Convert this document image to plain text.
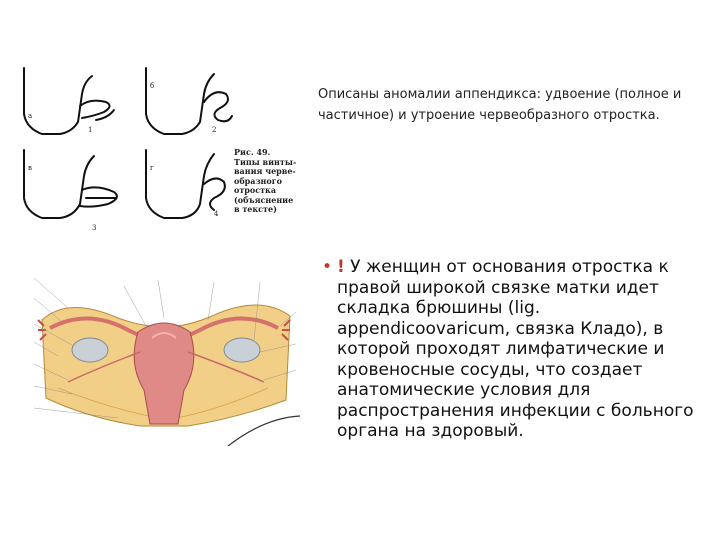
a
1
б
2
в
3
г
4
Рис. 49. Типы винтывания червеобразного отростка (объяснение в тексте)
Описаны аномалии аппендикса: удвоение (полное и частичное) и утроение червеобразного отростка.
• ! У женщин от основания отростка к правой широкой связке матки идет складка брюшины (lig. appendicoovaricum, связка Кладо), в которой проходят лимфатические и кровеносные сосуды, что создает анатомические условия для распространения инфекции с больного органа на здоровый.
